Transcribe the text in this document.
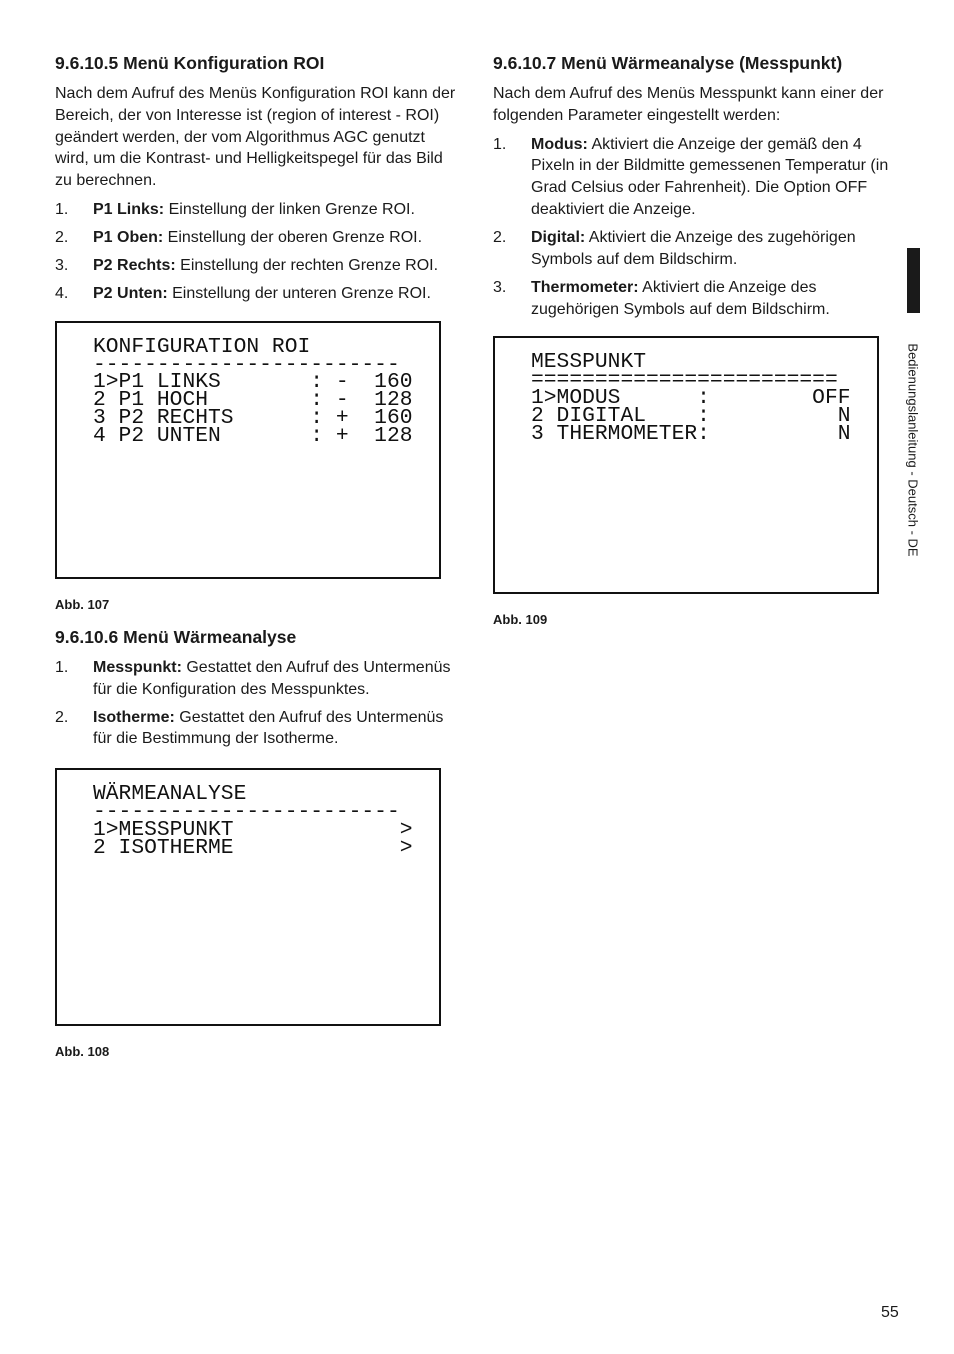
9.6.10.5 Menü Konfiguration ROI

Nach dem Aufruf des Menüs Konfiguration ROI kann der Bereich, der von Interesse ist (region of interest - ROI) geändert werden, der vom Algorithmus AGC genutzt wird, um die Kontrast- und Helligkeitspegel für das Bild zu berechnen.

1. P1 Links: Einstellung der linken Grenze ROI.
2. P1 Oben: Einstellung der oberen Grenze ROI.
3. P2 Rechts: Einstellung der rechten Grenze ROI.
4. P2 Unten: Einstellung der unteren Grenze ROI.
KONFIGURATION ROI
------------------------
1>P1 LINKS       : -  160
2 P1 HOCH        : -  128
3 P2 RECHTS      : +  160
4 P2 UNTEN       : +  128

Abb. 107

9.6.10.6 Menü Wärmeanalyse
1. Messpunkt: Gestattet den Aufruf des Untermenüs für die Konfiguration des Messpunktes.
2. Isotherme: Gestattet den Aufruf des Untermenüs für die Bestimmung der Isotherme.
WÄRMEANALYSE
------------------------
1>MESSPUNKT             >
2 ISOTHERME             >

Abb. 108

9.6.10.7 Menü Wärmeanalyse (Messpunkt)

Nach dem Aufruf des Menüs Messpunkt kann einer der folgenden Parameter eingestellt werden:

1. Modus: Aktiviert die Anzeige der gemäß den 4 Pixeln in der Bildmitte gemessenen Temperatur (in Grad Celsius oder Fahrenheit). Die Option OFF deaktiviert die Anzeige.
2. Digital: Aktiviert die Anzeige des zugehörigen Symbols auf dem Bildschirm.
3. Thermometer: Aktiviert die Anzeige des zugehörigen Symbols auf dem Bildschirm.
MESSPUNKT
========================
1>MODUS      :        OFF
2 DIGITAL    :          N
3 THERMOMETER:          N

Abb. 109

Bedienungslanleitung - Deutsch - DE
55
